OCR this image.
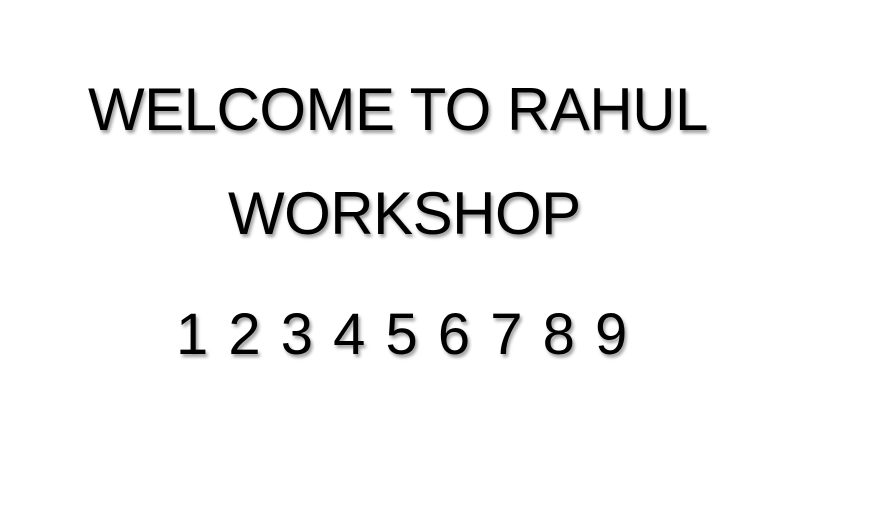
WELCOME TO RAHUL
WORKSHOP
1 2 3 4 5 6 7 8 9
